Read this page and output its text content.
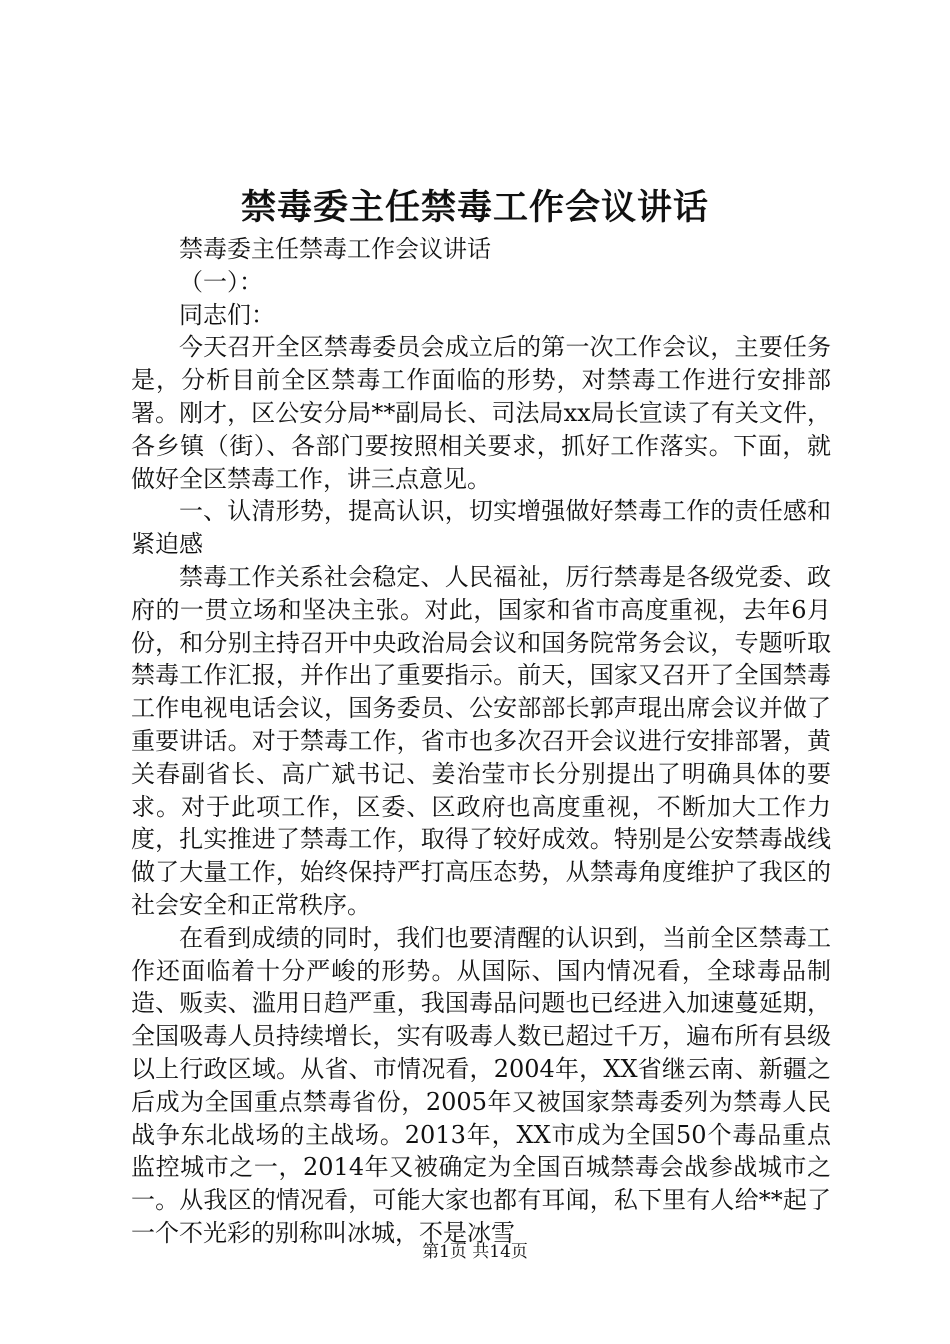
禁毒委主任禁毒工作会议讲话

禁毒委主任禁毒工作会议讲话

（一）：

同志们：

今天召开全区禁毒委员会成立后的第一次工作会议，主要任务是，分析目前全区禁毒工作面临的形势，对禁毒工作进行安排部署。刚才，区公安分局**副局长、司法局xx局长宣读了有关文件，各乡镇（街）、各部门要按照相关要求，抓好工作落实。下面，就做好全区禁毒工作，讲三点意见。

一、认清形势，提高认识，切实增强做好禁毒工作的责任感和紧迫感

禁毒工作关系社会稳定、人民福祉，厉行禁毒是各级党委、政府的一贯立场和坚决主张。对此，国家和省市高度重视，去年6月份，和分别主持召开中央政治局会议和国务院常务会议，专题听取禁毒工作汇报，并作出了重要指示。前天，国家又召开了全国禁毒工作电视电话会议，国务委员、公安部部长郭声琨出席会议并做了重要讲话。对于禁毒工作，省市也多次召开会议进行安排部署，黄关春副省长、高广斌书记、姜治莹市长分别提出了明确具体的要求。对于此项工作，区委、区政府也高度重视，不断加大工作力度，扎实推进了禁毒工作，取得了较好成效。特别是公安禁毒战线做了大量工作，始终保持严打高压态势，从禁毒角度维护了我区的社会安全和正常秩序。

在看到成绩的同时，我们也要清醒的认识到，当前全区禁毒工作还面临着十分严峻的形势。从国际、国内情况看，全球毒品制造、贩卖、滥用日趋严重，我国毒品问题也已经进入加速蔓延期，全国吸毒人员持续增长，实有吸毒人数已超过千万，遍布所有县级以上行政区域。从省、市情况看，2004年，XX省继云南、新疆之后成为全国重点禁毒省份，2005年又被国家禁毒委列为禁毒人民战争东北战场的主战场。2013年，XX市成为全国50个毒品重点监控城市之一，2014年又被确定为全国百城禁毒会战参战城市之一。从我区的情况看，可能大家也都有耳闻，私下里有人给**起了一个不光彩的别称叫冰城，不是冰雪

第1页 共14页
